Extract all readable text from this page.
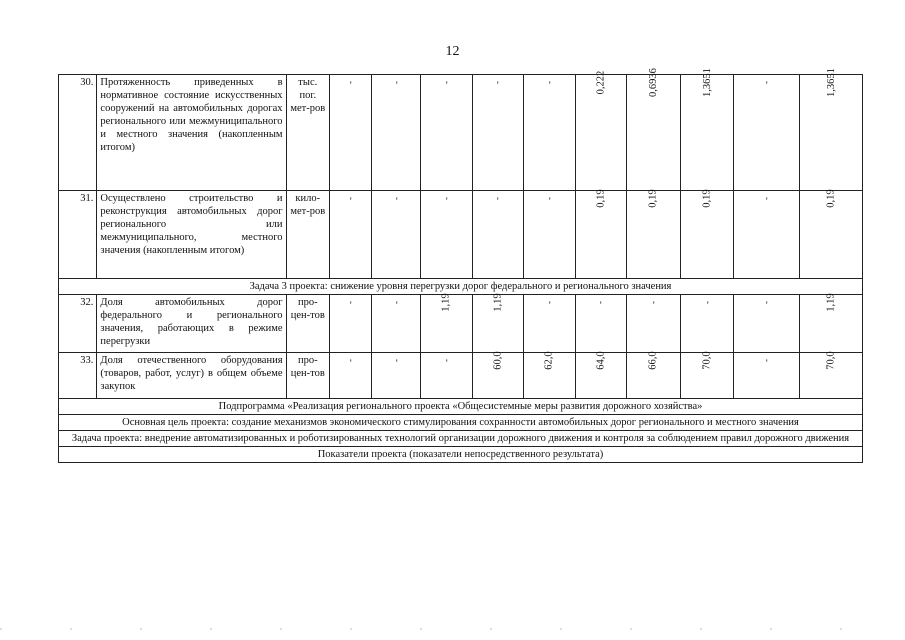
12
30.	Протяженность приведенных в нормативное состояние искусственных сооружений на автомобильных дорогах регионального или межмуниципального и местного значения (накопленным итогом)	тыс. пог. мет-ров	-	-	-	-	-	0,222	0,6936	1,3651	-	1,3651
31.	Осуществлено строительство и реконструкция автомобильных дорог регионального или межмуниципального, местного значения (накопленным итогом)	кило-мет-ров	-	-	-	-	-	0,19	0,19	0,19	-	0,19
Задача 3 проекта: снижение уровня перегрузки дорог федерального и регионального значения												
32.	Доля автомобильных дорог федерального и регионального значения, работающих в режиме перегрузки	про-цен-тов	-	-	1,19	1,19	-	-	-	-	-	1,19
33.	Доля отечественного оборудования (товаров, работ, услуг) в общем объеме закупок	про-цен-тов	-	-	-	60,0	62,0	64,0	66,0	70,0	-	70,0
Подпрограмма «Реализация регионального проекта «Общесистемные меры развития дорожного хозяйства»												
Основная цель проекта: создание механизмов экономического стимулирования сохранности автомобильных дорог регионального и местного значения												
Задача проекта: внедрение автоматизированных и роботизированных технологий организации дорожного движения и контроля за соблюдением правил дорожного движения												
Показатели проекта (показатели непосредственного результата)												
